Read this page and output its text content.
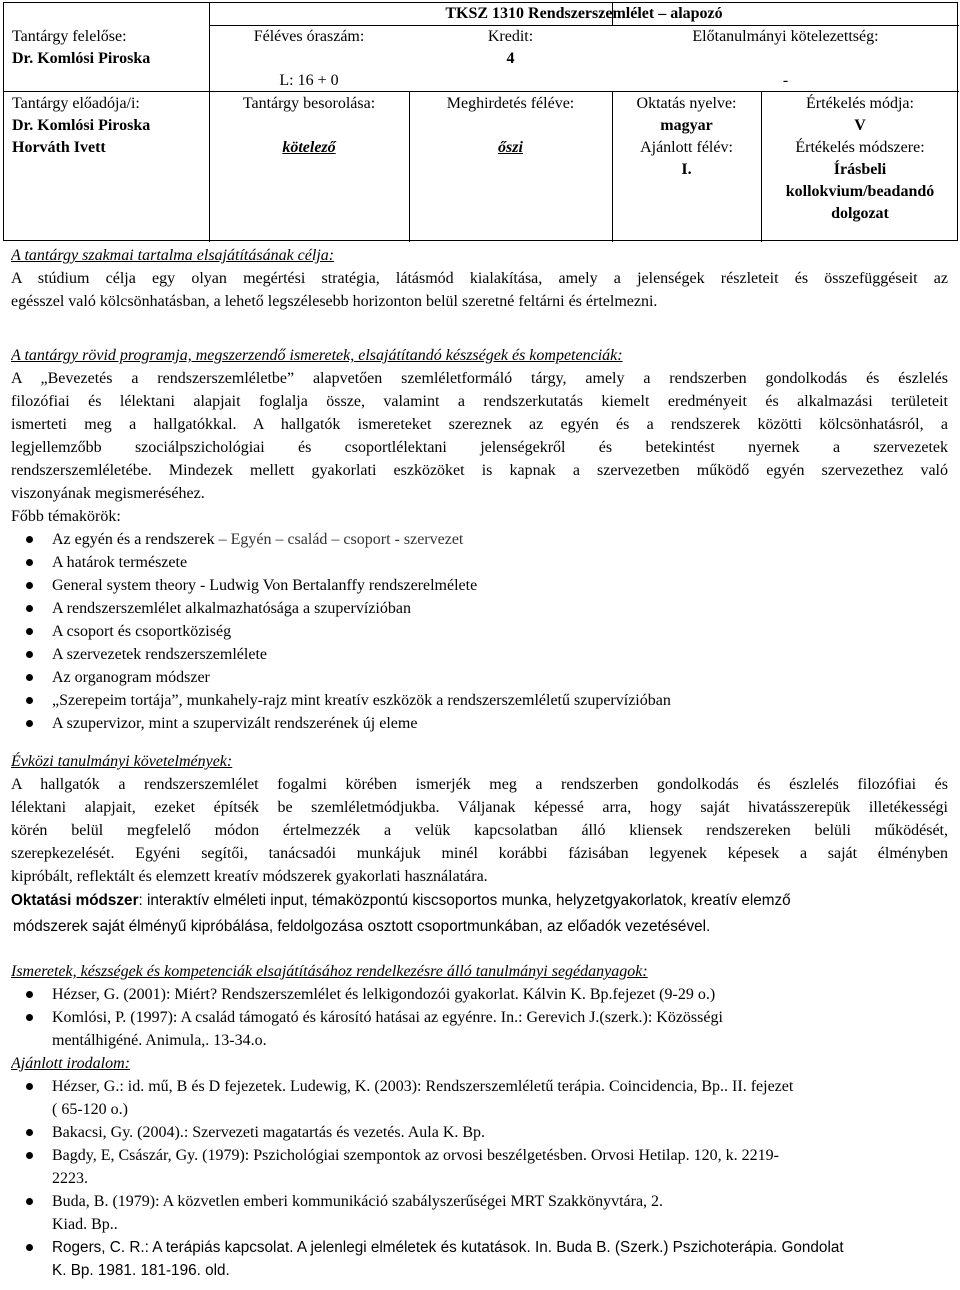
Tantárgy felelőse:
Dr. Komlósi Piroska
Tantárgy előadója/i:
Dr. Komlósi Piroska
Horváth Ivett
TKSZ 1310 Rendszerszemlélet – alapozó
Féléves óraszám:
L: 16 + 0
Kredit:
4
Előtanulmányi kötelezettség:
-
Tantárgy besorolása:
kötelező
Meghirdetés féléve:
őszi
Oktatás nyelve:
magyar
Ajánlott félév:
I.
Értékelés módja:
V
Értékelés módszere:
Írásbeli
kollokvium/beadandó
dolgozat
A tantárgy szakmai tartalma elsajátításának célja:
A stúdium célja egy olyan megértési stratégia, látásmód kialakítása, amely a jelenségek részleteit és összefüggéseit az
egésszel való kölcsönhatásban, a lehető legszélesebb horizonton belül szeretné feltárni és értelmezni.
A tantárgy rövid programja, megszerzendő ismeretek, elsajátítandó készségek és kompetenciák:
A „Bevezetés a rendszerszemléletbe” alapvetően szemléletformáló tárgy, amely a rendszerben gondolkodás és észlelés
filozófiai és lélektani alapjait foglalja össze, valamint a rendszerkutatás kiemelt eredményeit és alkalmazási területeit
ismerteti meg a hallgatókkal. A hallgatók ismereteket szereznek az egyén és a rendszerek közötti kölcsönhatásról, a
legjellemzőbb szociálpszichológiai és csoportlélektani jelenségekről és betekintést nyernek a szervezetek
rendszerszemléletébe. Mindezek mellett gyakorlati eszközöket is kapnak a szervezetben működő egyén szervezethez való
viszonyának megismeréséhez.
Főbb témakörök:
Az egyén és a rendszerek – Egyén – család – csoport - szervezet
A határok természete
General system theory - Ludwig Von Bertalanffy rendszerelmélete
A rendszerszemlélet alkalmazhatósága a szupervízióban
A csoport és csoportköziség
A szervezetek rendszerszemlélete
Az organogram módszer
„Szerepeim tortája”, munkahely-rajz mint kreatív eszközök a rendszerszemléletű szupervízióban
A szupervizor, mint a szupervizált rendszerének új eleme
Évközi tanulmányi követelmények:
A hallgatók a rendszerszemlélet fogalmi körében ismerjék meg a rendszerben gondolkodás és észlelés filozófiai és
lélektani alapjait, ezeket építsék be szemléletmódjukba. Váljanak képessé arra, hogy saját hivatásszerepük illetékességi
körén belül megfelelő módon értelmezzék a velük kapcsolatban álló kliensek rendszereken belüli működését,
szerepkezelését. Egyéni segítői, tanácsadói munkájuk minél korábbi fázisában legyenek képesek a saját élményben
kipróbált, reflektált és elemzett kreatív módszerek gyakorlati használatára.
Oktatási módszer: interaktív elméleti input, témaközpontú kiscsoportos munka, helyzetgyakorlatok, kreatív elemző
módszerek saját élményű kipróbálása, feldolgozása osztott csoportmunkában, az előadók vezetésével.
Ismeretek, készségek és kompetenciák elsajátításához rendelkezésre álló tanulmányi segédanyagok:
Hézser, G. (2001): Miért? Rendszerszemlélet és lelkigondozói gyakorlat. Kálvin K. Bp.fejezet (9-29 o.)
Komlósi, P. (1997): A család támogató és károsító hatásai az egyénre. In.: Gerevich J.(szerk.): Közösségi
mentálhigéné. Animula,. 13-34.o.
Ajánlott irodalom:
Hézser, G.: id. mű, B és D fejezetek. Ludewig, K. (2003): Rendszerszemléletű terápia. Coincidencia, Bp.. II. fejezet
( 65-120 o.)
Bakacsi, Gy. (2004).: Szervezeti magatartás és vezetés. Aula K. Bp.
Bagdy, E, Császár, Gy. (1979): Pszichológiai szempontok az orvosi beszélgetésben. Orvosi Hetilap. 120, k. 2219-
2223.
Buda, B. (1979): A közvetlen emberi kommunikáció szabályszerűségei MRT Szakkönyvtára, 2.
Kiad. Bp..
Rogers, C. R.: A terápiás kapcsolat. A jelenlegi elméletek és kutatások. In. Buda B. (Szerk.) Pszichoterápia. Gondolat
K. Bp. 1981. 181-196. old.
